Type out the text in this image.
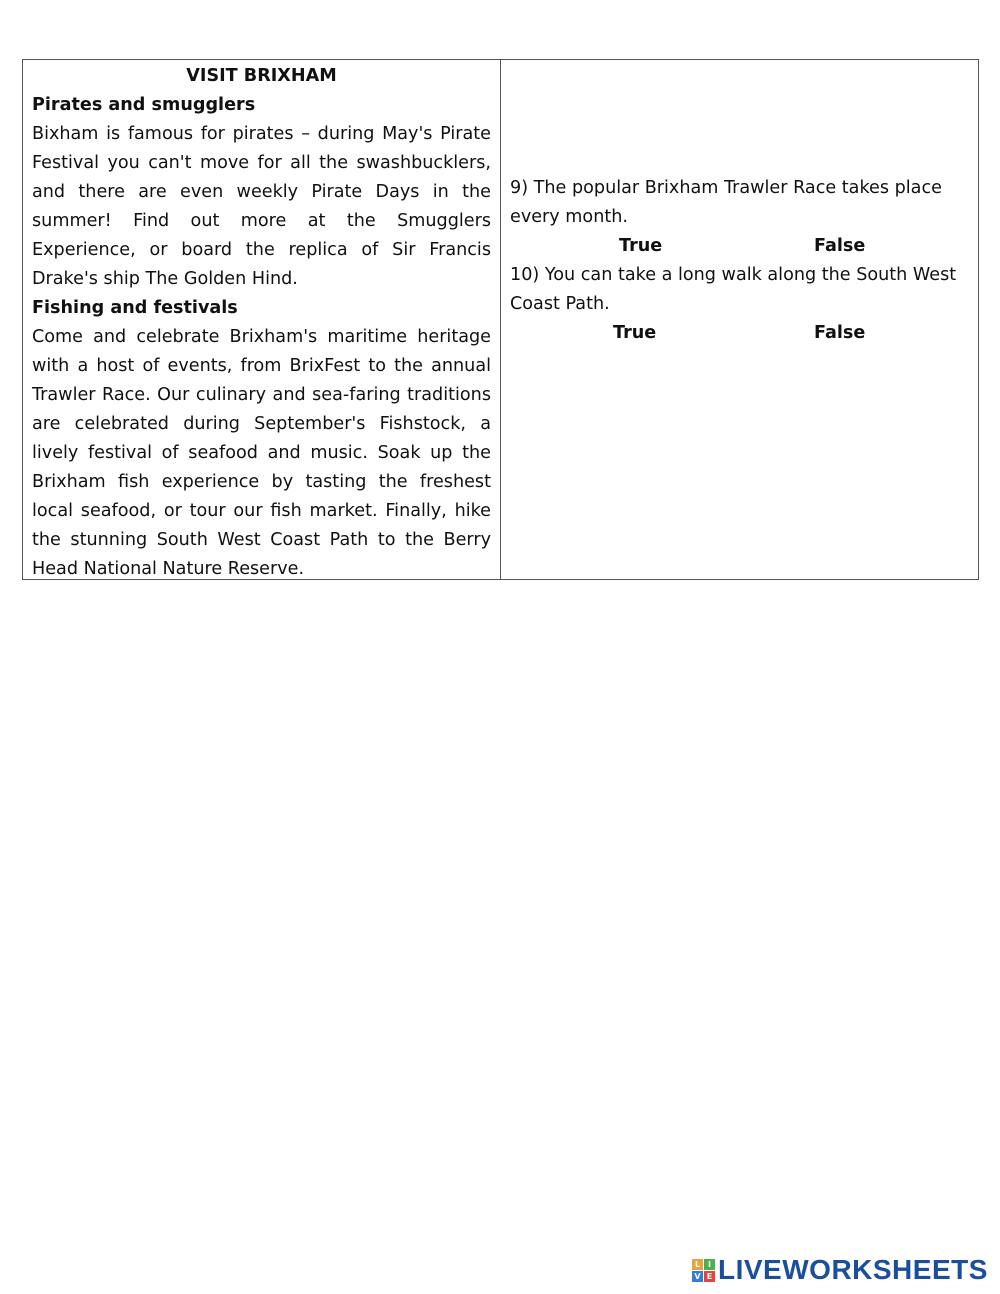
VISIT BRIXHAM
Pirates and smugglers
Bixham is famous for pirates – during May's Pirate Festival you can't move for all the swashbucklers, and there are even weekly Pirate Days in the summer! Find out more at the Smugglers Experience, or board the replica of Sir Francis Drake's ship The Golden Hind.
Fishing and festivals
Come and celebrate Brixham's maritime heritage with a host of events, from BrixFest to the annual Trawler Race. Our culinary and sea-faring traditions are celebrated during September's Fishstock, a lively festival of seafood and music. Soak up the Brixham fish experience by tasting the freshest local seafood, or tour our fish market. Finally, hike the stunning South West Coast Path to the Berry Head National Nature Reserve.
9) The popular Brixham Trawler Race takes place every month.
True	False
10) You can take a long walk along the South West Coast Path.
True	False
L I
V E LIVEWORKSHEETS
